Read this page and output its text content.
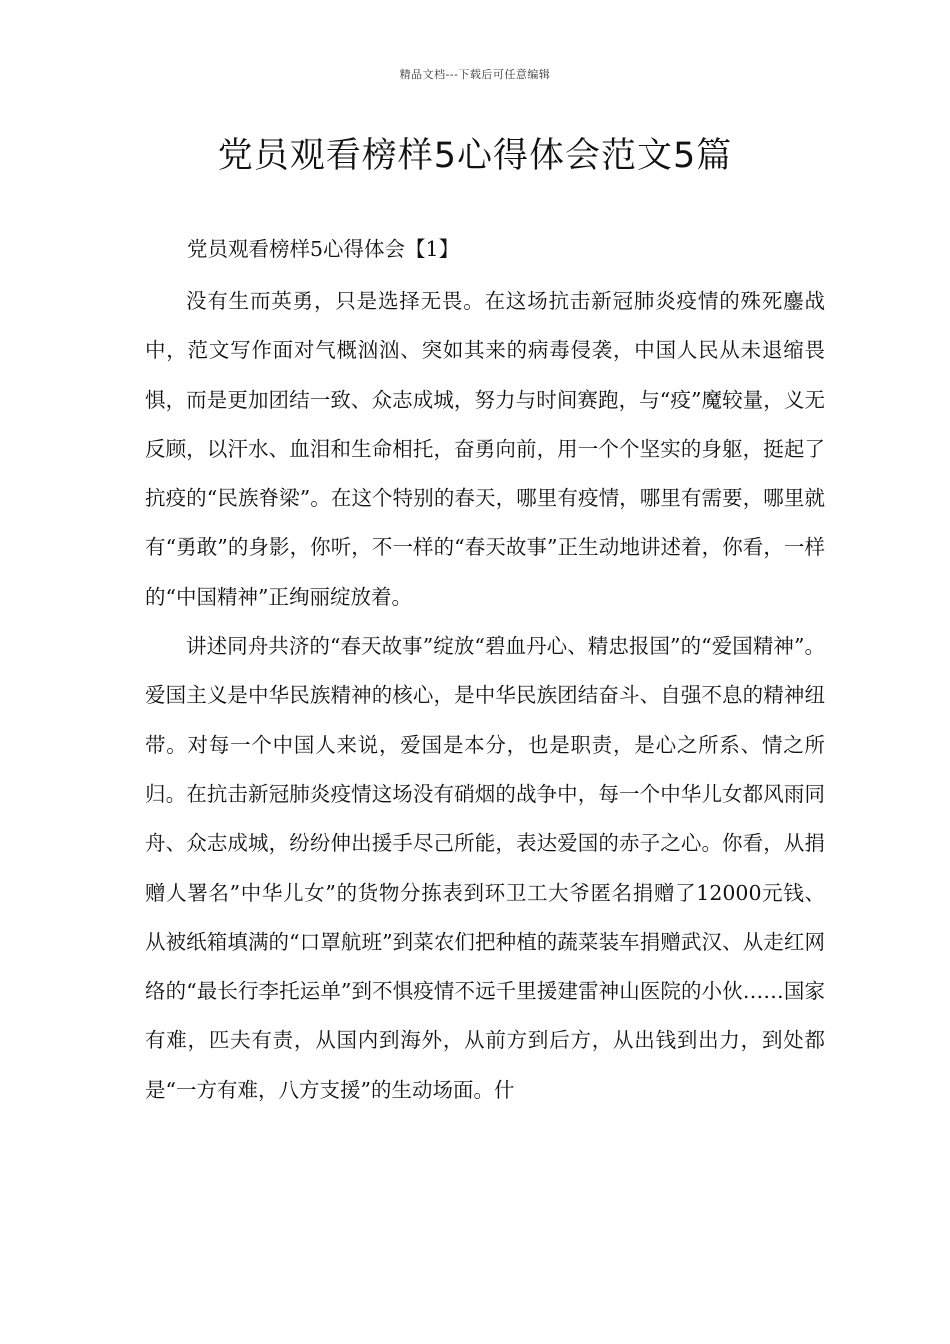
精品文档---下载后可任意编辑
党员观看榜样5心得体会范文5篇
党员观看榜样5心得体会【1】

没有生而英勇，只是选择无畏。在这场抗击新冠肺炎疫情的殊死鏖战中，范文写作面对气概汹汹、突如其来的病毒侵袭，中国人民从未退缩畏惧，而是更加团结一致、众志成城，努力与时间赛跑，与“疫”魔较量，义无反顾，以汗水、血泪和生命相托，奋勇向前，用一个个坚实的身躯，挺起了抗疫的“民族脊梁”。在这个特别的春天，哪里有疫情，哪里有需要，哪里就有“勇敢”的身影，你听，不一样的“春天故事”正生动地讲述着，你看，一样的“中国精神”正绚丽绽放着。

讲述同舟共济的“春天故事”绽放“碧血丹心、精忠报国”的“爱国精神”。爱国主义是中华民族精神的核心，是中华民族团结奋斗、自强不息的精神纽带。对每一个中国人来说，爱国是本分，也是职责，是心之所系、情之所归。在抗击新冠肺炎疫情这场没有硝烟的战争中，每一个中华儿女都风雨同舟、众志成城，纷纷伸出援手尽己所能，表达爱国的赤子之心。你看，从捐赠人署名”中华儿女”的货物分拣表到环卫工大爷匿名捐赠了12000元钱、从被纸箱填满的“口罩航班”到菜农们把种植的蔬菜装车捐赠武汉、从走红网络的“最长行李托运单”到不惧疫情不远千里援建雷神山医院的小伙……国家有难，匹夫有责，从国内到海外，从前方到后方，从出钱到出力，到处都是“一方有难，八方支援”的生动场面。什
